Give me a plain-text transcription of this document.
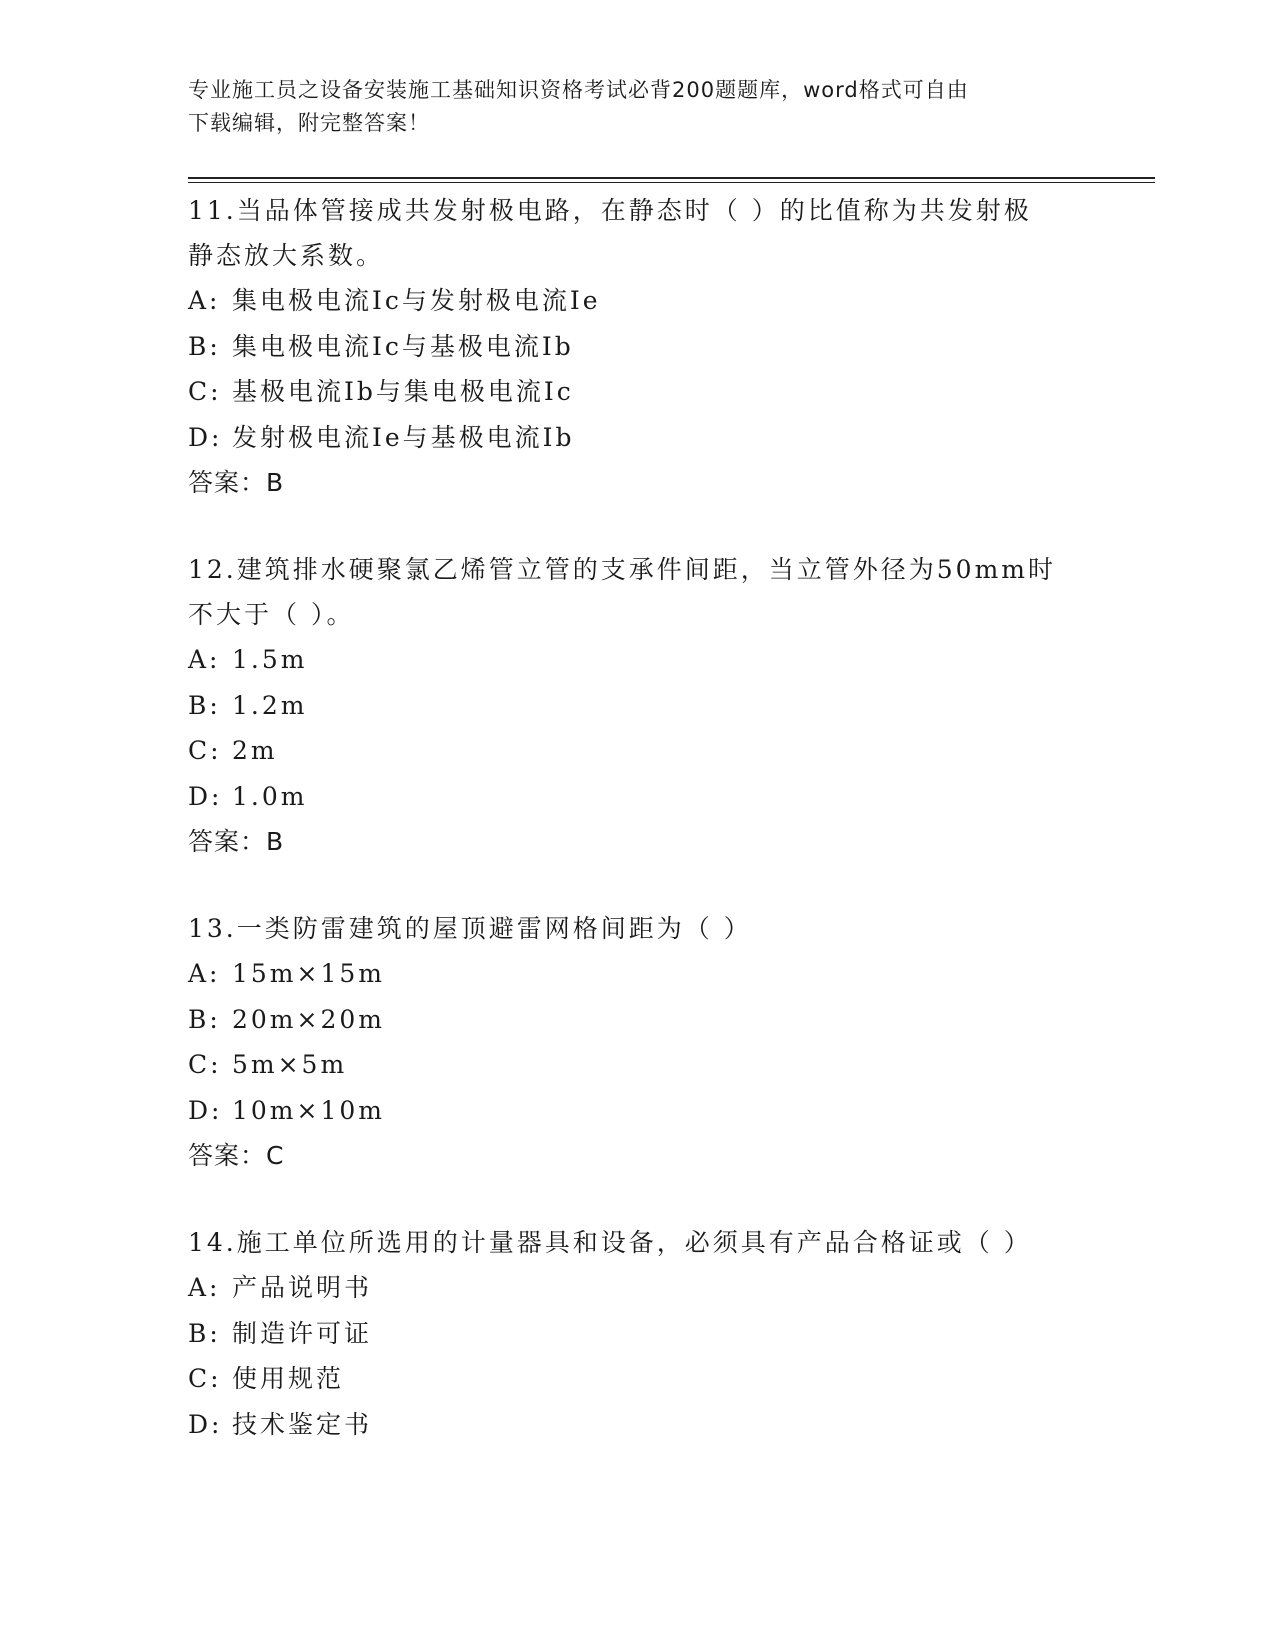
专业施工员之设备安装施工基础知识资格考试必背200题题库，word格式可自由
下载编辑，附完整答案！
11.当品体管接成共发射极电路，在静态时（ ）的比值称为共发射极
静态放大系数。
A: 集电极电流Ic与发射极电流Ie
B: 集电极电流Ic与基极电流Ib
C: 基极电流Ib与集电极电流Ic
D: 发射极电流Ie与基极电流Ib
答案：B
12.建筑排水硬聚氯乙烯管立管的支承件间距，当立管外径为50mm时
不大于（ ）。
A: 1.5m
B: 1.2m
C: 2m
D: 1.0m
答案：B
13.一类防雷建筑的屋顶避雷网格间距为（ ）
A: 15m×15m
B: 20m×20m
C: 5m×5m
D: 10m×10m
答案：C
14.施工单位所选用的计量器具和设备，必须具有产品合格证或（ ）
A: 产品说明书
B: 制造许可证
C: 使用规范
D: 技术鉴定书
